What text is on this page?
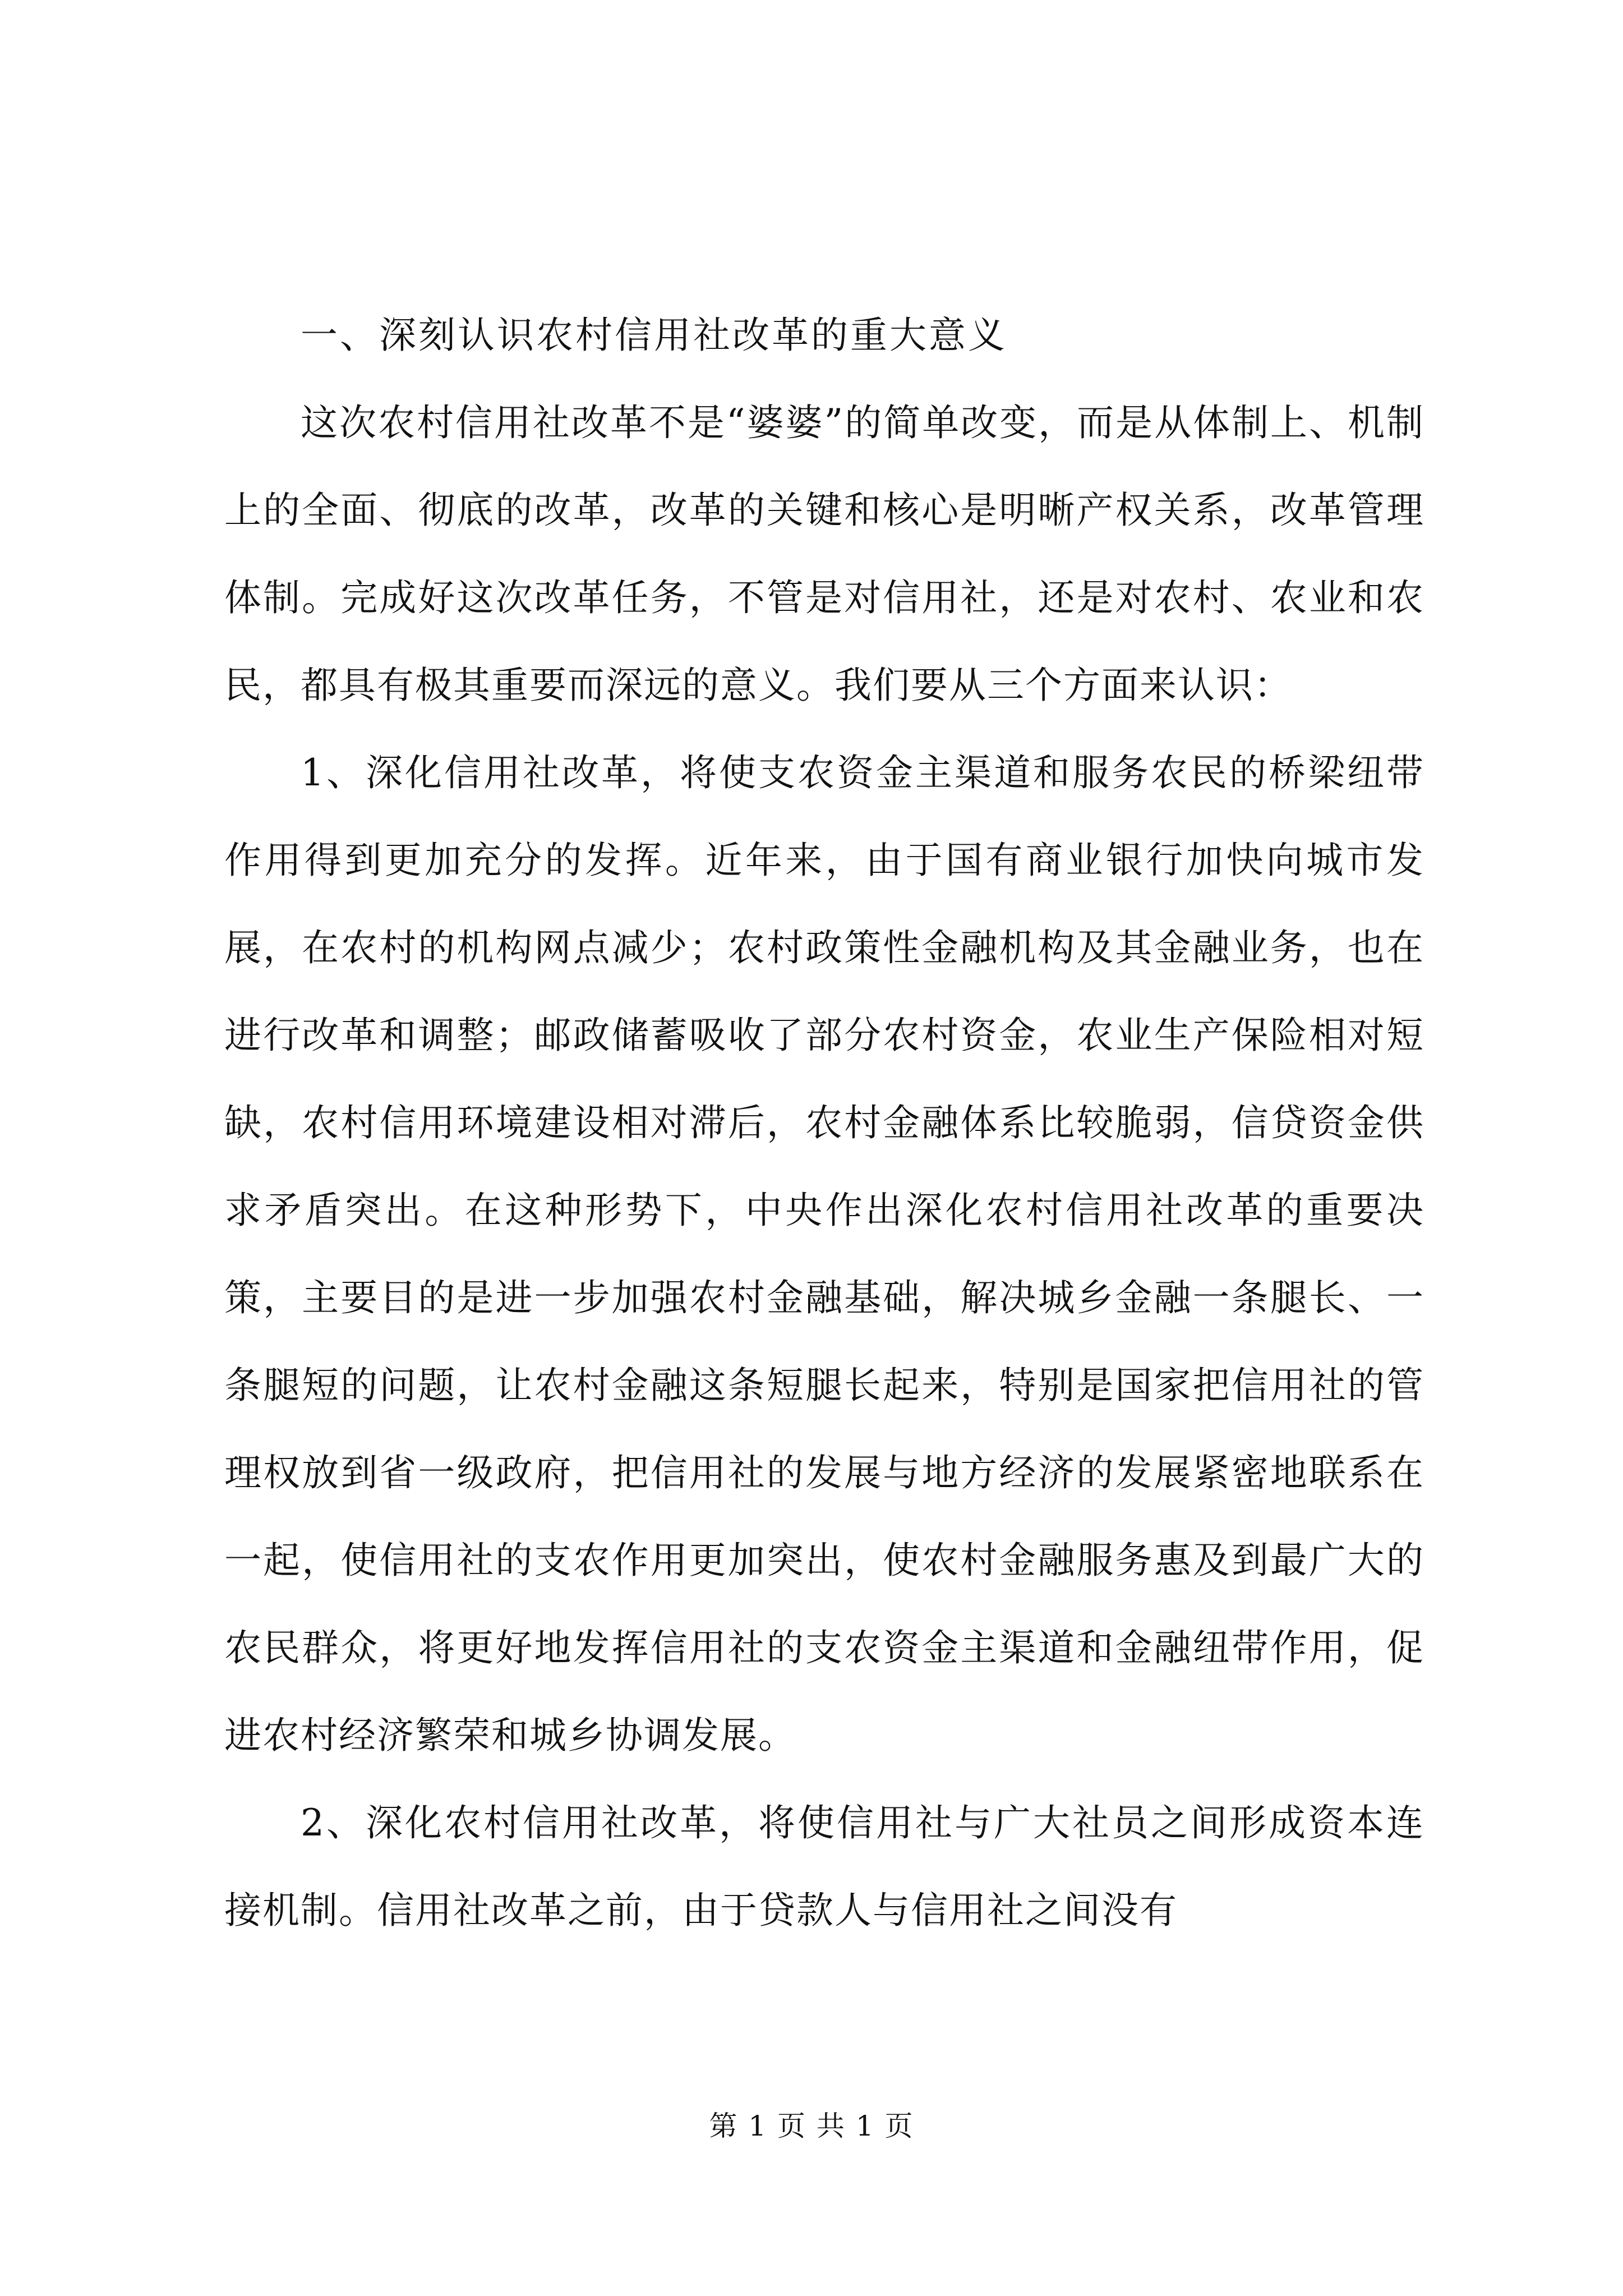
一、深刻认识农村信用社改革的重大意义

这次农村信用社改革不是“婆婆”的简单改变，而是从体制上、机制上的全面、彻底的改革，改革的关键和核心是明晰产权关系，改革管理体制。完成好这次改革任务，不管是对信用社，还是对农村、农业和农民，都具有极其重要而深远的意义。我们要从三个方面来认识：

1、深化信用社改革，将使支农资金主渠道和服务农民的桥梁纽带作用得到更加充分的发挥。近年来，由于国有商业银行加快向城市发展，在农村的机构网点减少；农村政策性金融机构及其金融业务，也在进行改革和调整；邮政储蓄吸收了部分农村资金，农业生产保险相对短缺，农村信用环境建设相对滞后，农村金融体系比较脆弱，信贷资金供求矛盾突出。在这种形势下，中央作出深化农村信用社改革的重要决策，主要目的是进一步加强农村金融基础，解决城乡金融一条腿长、一条腿短的问题，让农村金融这条短腿长起来，特别是国家把信用社的管理权放到省一级政府，把信用社的发展与地方经济的发展紧密地联系在一起，使信用社的支农作用更加突出，使农村金融服务惠及到最广大的农民群众，将更好地发挥信用社的支农资金主渠道和金融纽带作用，促进农村经济繁荣和城乡协调发展。

2、深化农村信用社改革，将使信用社与广大社员之间形成资本连接机制。信用社改革之前，由于贷款人与信用社之间没有

第 1 页 共 1 页
